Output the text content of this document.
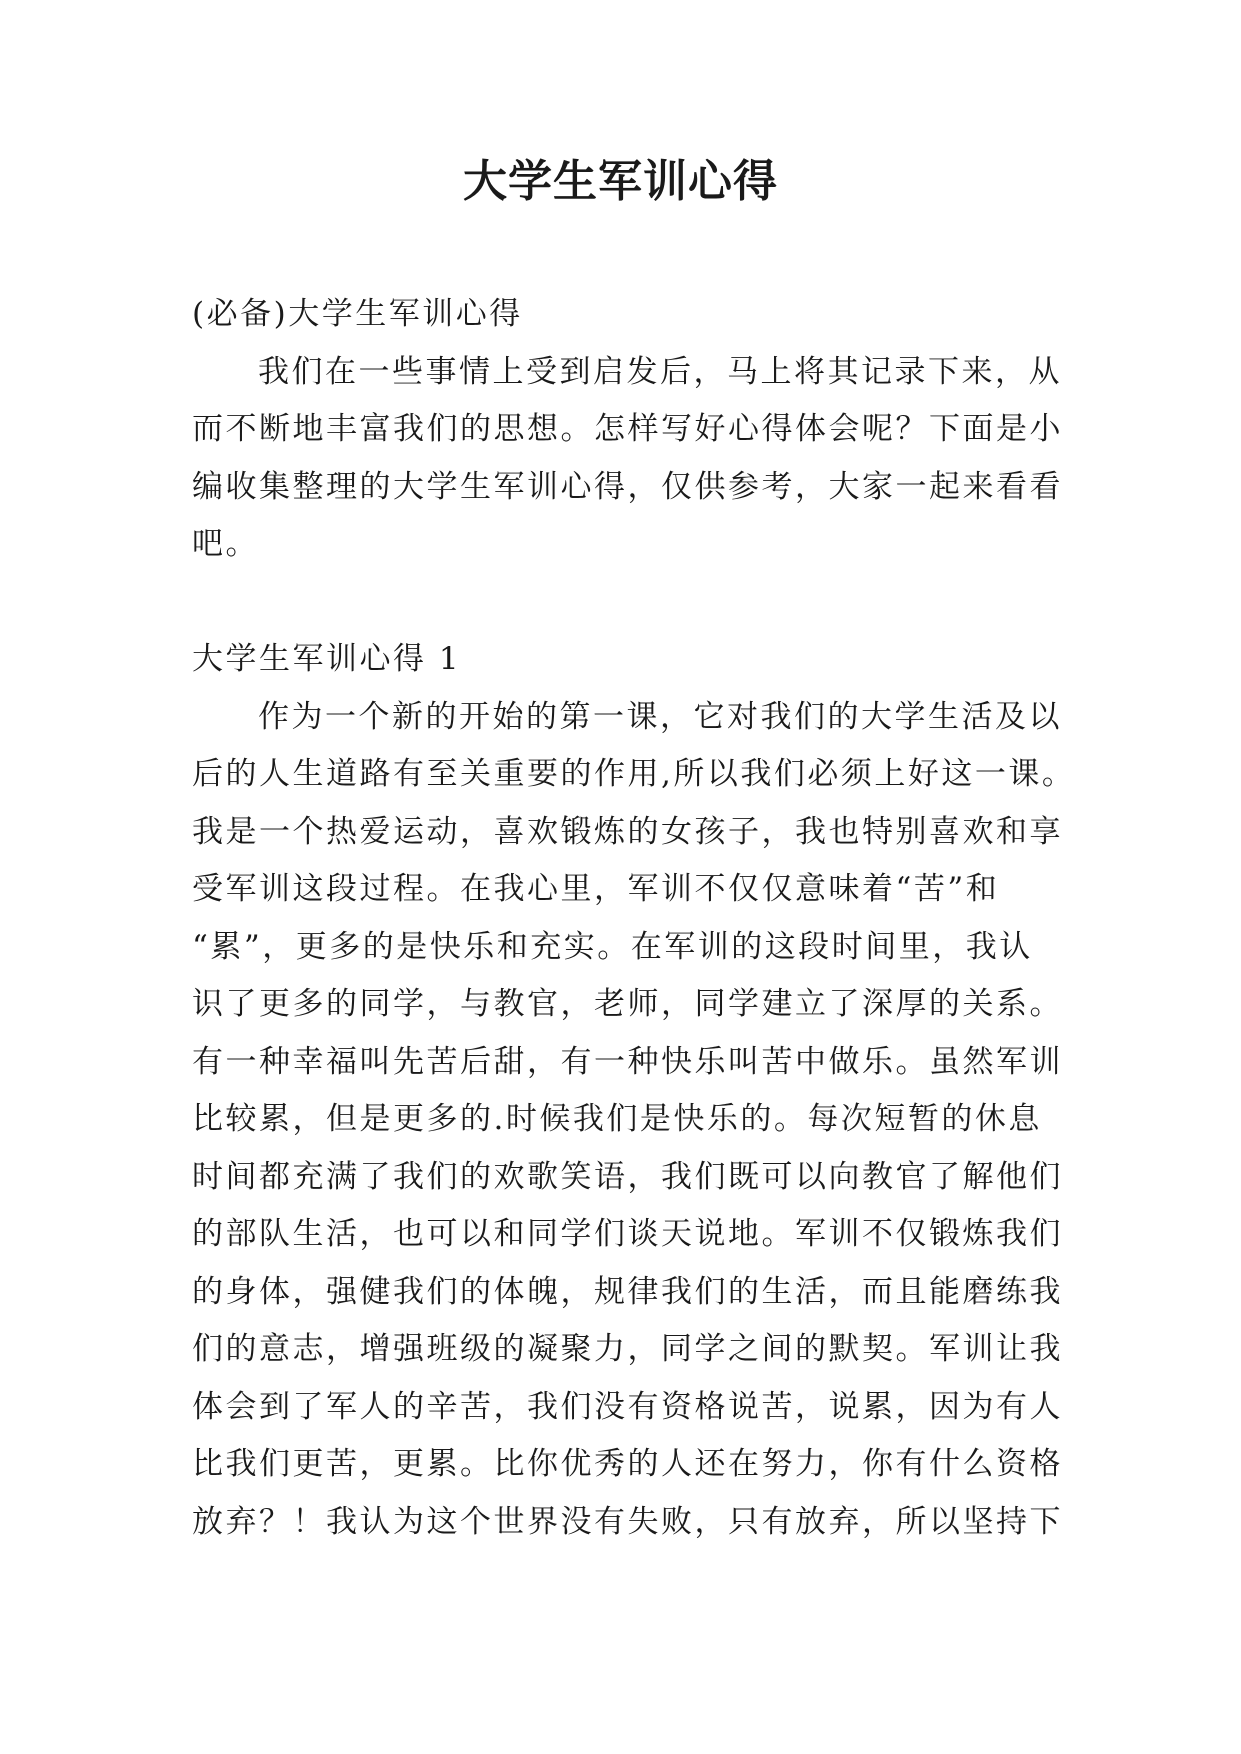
大学生军训心得
(必备)大学生军训心得
我们在一些事情上受到启发后，马上将其记录下来，从
而不断地丰富我们的思想。怎样写好心得体会呢？下面是小
编收集整理的大学生军训心得，仅供参考，大家一起来看看
吧。
大学生军训心得 1
作为一个新的开始的第一课，它对我们的大学生活及以
后的人生道路有至关重要的作用,所以我们必须上好这一课。
我是一个热爱运动，喜欢锻炼的女孩子，我也特别喜欢和享
受军训这段过程。在我心里，军训不仅仅意味着“苦”和
“累”，更多的是快乐和充实。在军训的这段时间里，我认
识了更多的同学，与教官，老师，同学建立了深厚的关系。
有一种幸福叫先苦后甜，有一种快乐叫苦中做乐。虽然军训
比较累，但是更多的.时候我们是快乐的。每次短暂的休息
时间都充满了我们的欢歌笑语，我们既可以向教官了解他们
的部队生活，也可以和同学们谈天说地。军训不仅锻炼我们
的身体，强健我们的体魄，规律我们的生活，而且能磨练我
们的意志，增强班级的凝聚力，同学之间的默契。军训让我
体会到了军人的辛苦，我们没有资格说苦，说累，因为有人
比我们更苦，更累。比你优秀的人还在努力，你有什么资格
放弃？！我认为这个世界没有失败，只有放弃，所以坚持下
